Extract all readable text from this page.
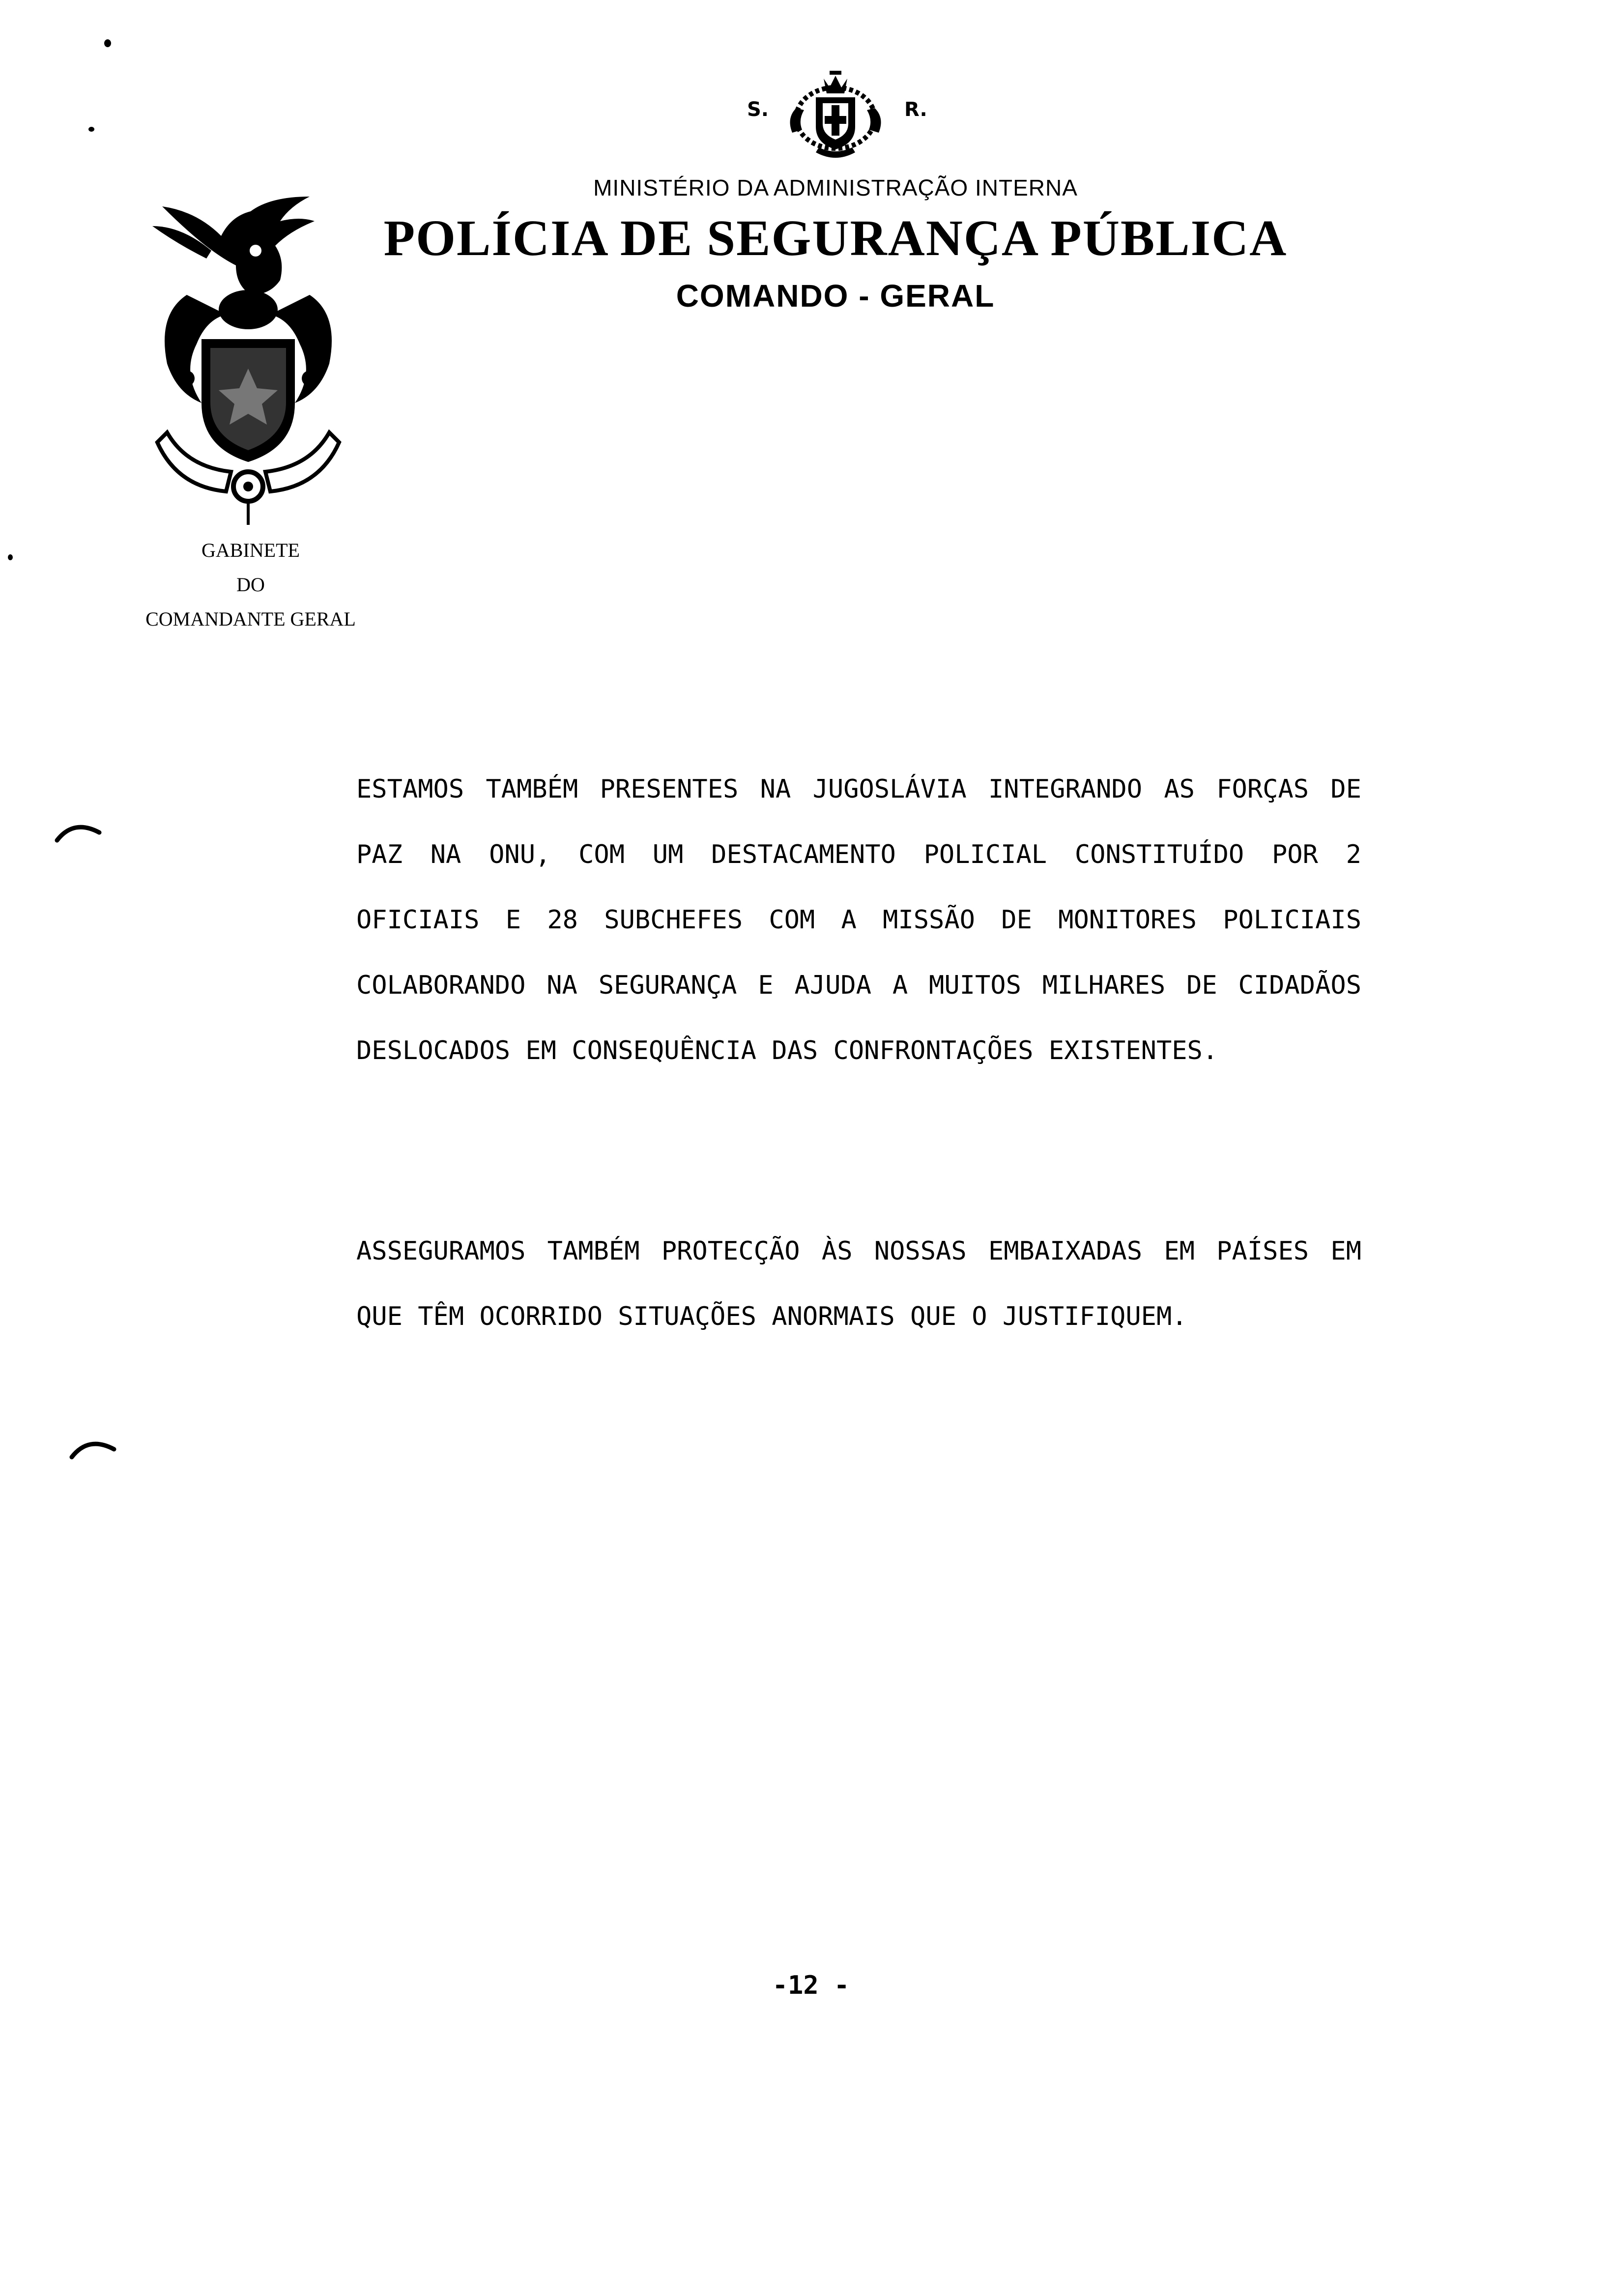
S.	R.
MINISTÉRIO DA ADMINISTRAÇÃO INTERNA
POLÍCIA DE SEGURANÇA PÚBLICA
COMANDO - GERAL
GABINETE
DO
COMANDANTE GERAL
ESTAMOS TAMBÉM PRESENTES NA JUGOSLÁVIA INTEGRANDO AS FORÇAS DE PAZ NA ONU, COM UM DESTACAMENTO POLICIAL CONSTITUÍDO POR 2 OFICIAIS E 28 SUBCHEFES COM A MISSÃO DE MONITORES POLICIAIS COLABORANDO NA SEGURANÇA E AJUDA A MUITOS MILHARES DE CIDADÃOS DESLOCADOS EM CONSEQUÊNCIA DAS CONFRONTAÇÕES EXISTENTES.
ASSEGURAMOS TAMBÉM PROTECÇÃO ÀS NOSSAS EMBAIXADAS EM PAÍSES EM QUE TÊM OCORRIDO SITUAÇÕES ANORMAIS QUE O JUSTIFIQUEM.
-12 -
